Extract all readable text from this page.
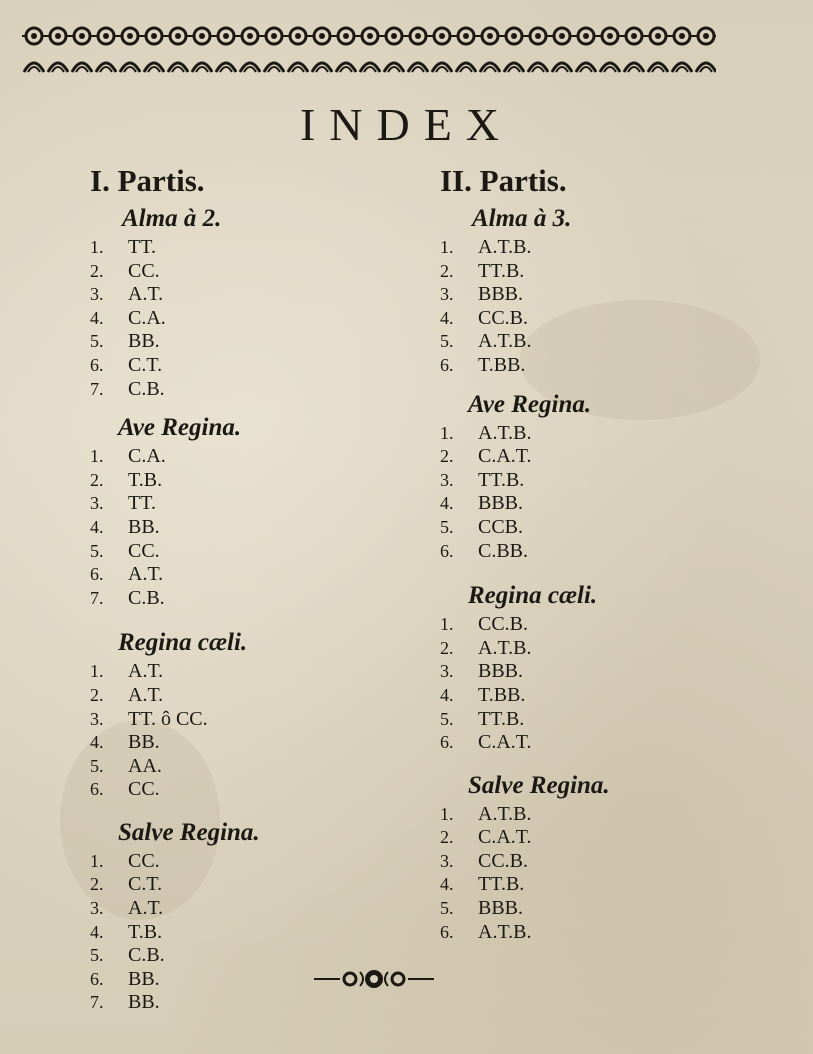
INDEX
I. Partis.
Alma à 2.
1. TT.
2. CC.
3. A.T.
4. C.A.
5. BB.
6. C.T.
7. C.B.
Ave Regina.
1. C.A.
2. T.B.
3. TT.
4. BB.
5. CC.
6. A.T.
7. C.B.
Regina cæli.
1. A.T.
2. A.T.
3. TT. ô CC.
4. BB.
5. AA.
6. CC.
Salve Regina.
1. CC.
2. C.T.
3. A.T.
4. T.B.
5. C.B.
6. BB.
7. BB.
II. Partis.
Alma à 3.
1. A.T.B.
2. TT.B.
3. BBB.
4. CC.B.
5. A.T.B.
6. T.BB.
Ave Regina.
1. A.T.B.
2. C.A.T.
3. TT.B.
4. BBB.
5. CCB.
6. C.BB.
Regina cæli.
1. CC.B.
2. A.T.B.
3. BBB.
4. T.BB.
5. TT.B.
6. C.A.T.
Salve Regina.
1. A.T.B.
2. C.A.T.
3. CC.B.
4. TT.B.
5. BBB.
6. A.T.B.
